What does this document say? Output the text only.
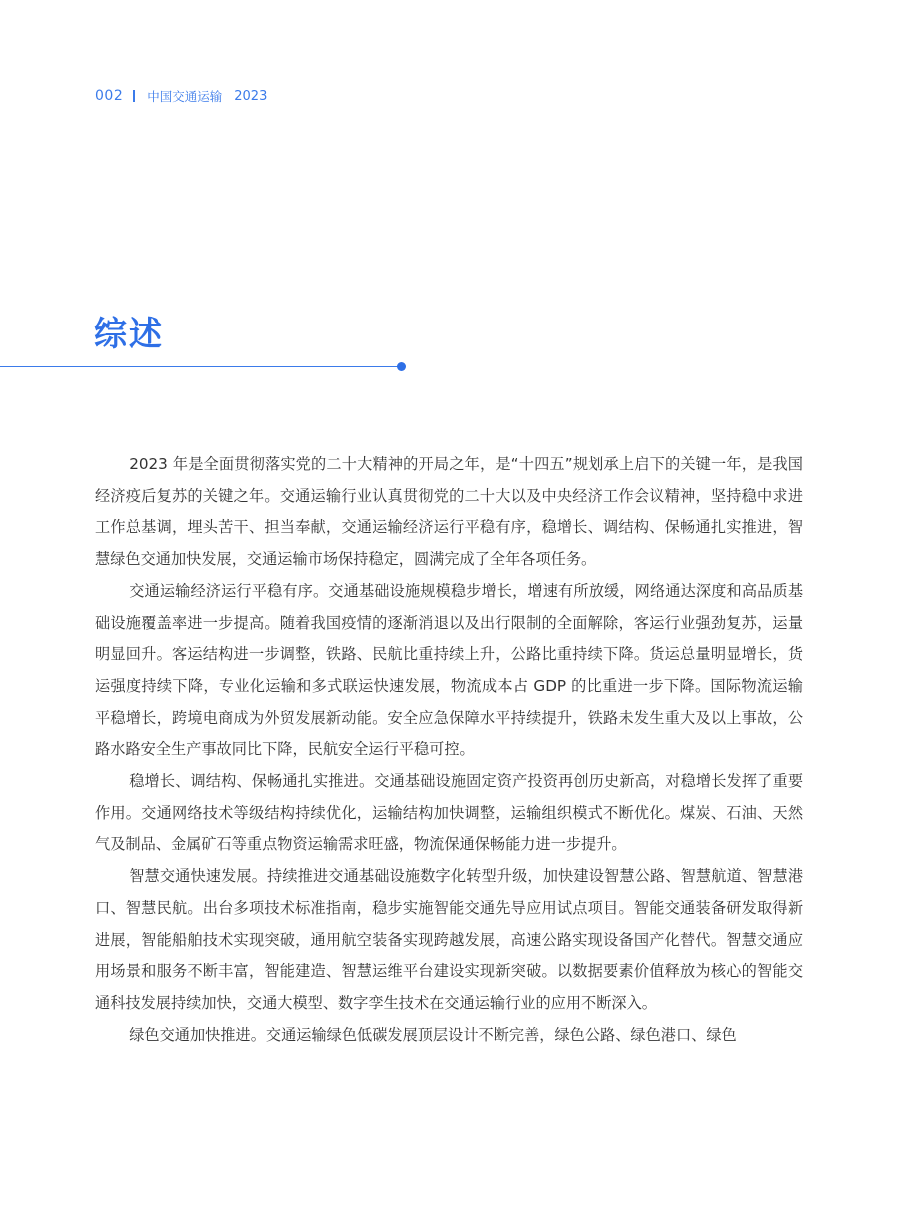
002 中国交通运输 2023
综述

2023 年是全面贯彻落实党的二十大精神的开局之年，是“十四五”规划承上启下的关键一年，是我国经济疫后复苏的关键之年。交通运输行业认真贯彻党的二十大以及中央经济工作会议精神，坚持稳中求进工作总基调，埋头苦干、担当奉献，交通运输经济运行平稳有序，稳增长、调结构、保畅通扎实推进，智慧绿色交通加快发展，交通运输市场保持稳定，圆满完成了全年各项任务。

交通运输经济运行平稳有序。交通基础设施规模稳步增长，增速有所放缓，网络通达深度和高品质基础设施覆盖率进一步提高。随着我国疫情的逐渐消退以及出行限制的全面解除，客运行业强劲复苏，运量明显回升。客运结构进一步调整，铁路、民航比重持续上升，公路比重持续下降。货运总量明显增长，货运强度持续下降，专业化运输和多式联运快速发展，物流成本占 GDP 的比重进一步下降。国际物流运输平稳增长，跨境电商成为外贸发展新动能。安全应急保障水平持续提升，铁路未发生重大及以上事故，公路水路安全生产事故同比下降，民航安全运行平稳可控。

稳增长、调结构、保畅通扎实推进。交通基础设施固定资产投资再创历史新高，对稳增长发挥了重要作用。交通网络技术等级结构持续优化，运输结构加快调整，运输组织模式不断优化。煤炭、石油、天然气及制品、金属矿石等重点物资运输需求旺盛，物流保通保畅能力进一步提升。

智慧交通快速发展。持续推进交通基础设施数字化转型升级，加快建设智慧公路、智慧航道、智慧港口、智慧民航。出台多项技术标准指南，稳步实施智能交通先导应用试点项目。智能交通装备研发取得新进展，智能船舶技术实现突破，通用航空装备实现跨越发展，高速公路实现设备国产化替代。智慧交通应用场景和服务不断丰富，智能建造、智慧运维平台建设实现新突破。以数据要素价值释放为核心的智能交通科技发展持续加快，交通大模型、数字孪生技术在交通运输行业的应用不断深入。

绿色交通加快推进。交通运输绿色低碳发展顶层设计不断完善，绿色公路、绿色港口、绿色
